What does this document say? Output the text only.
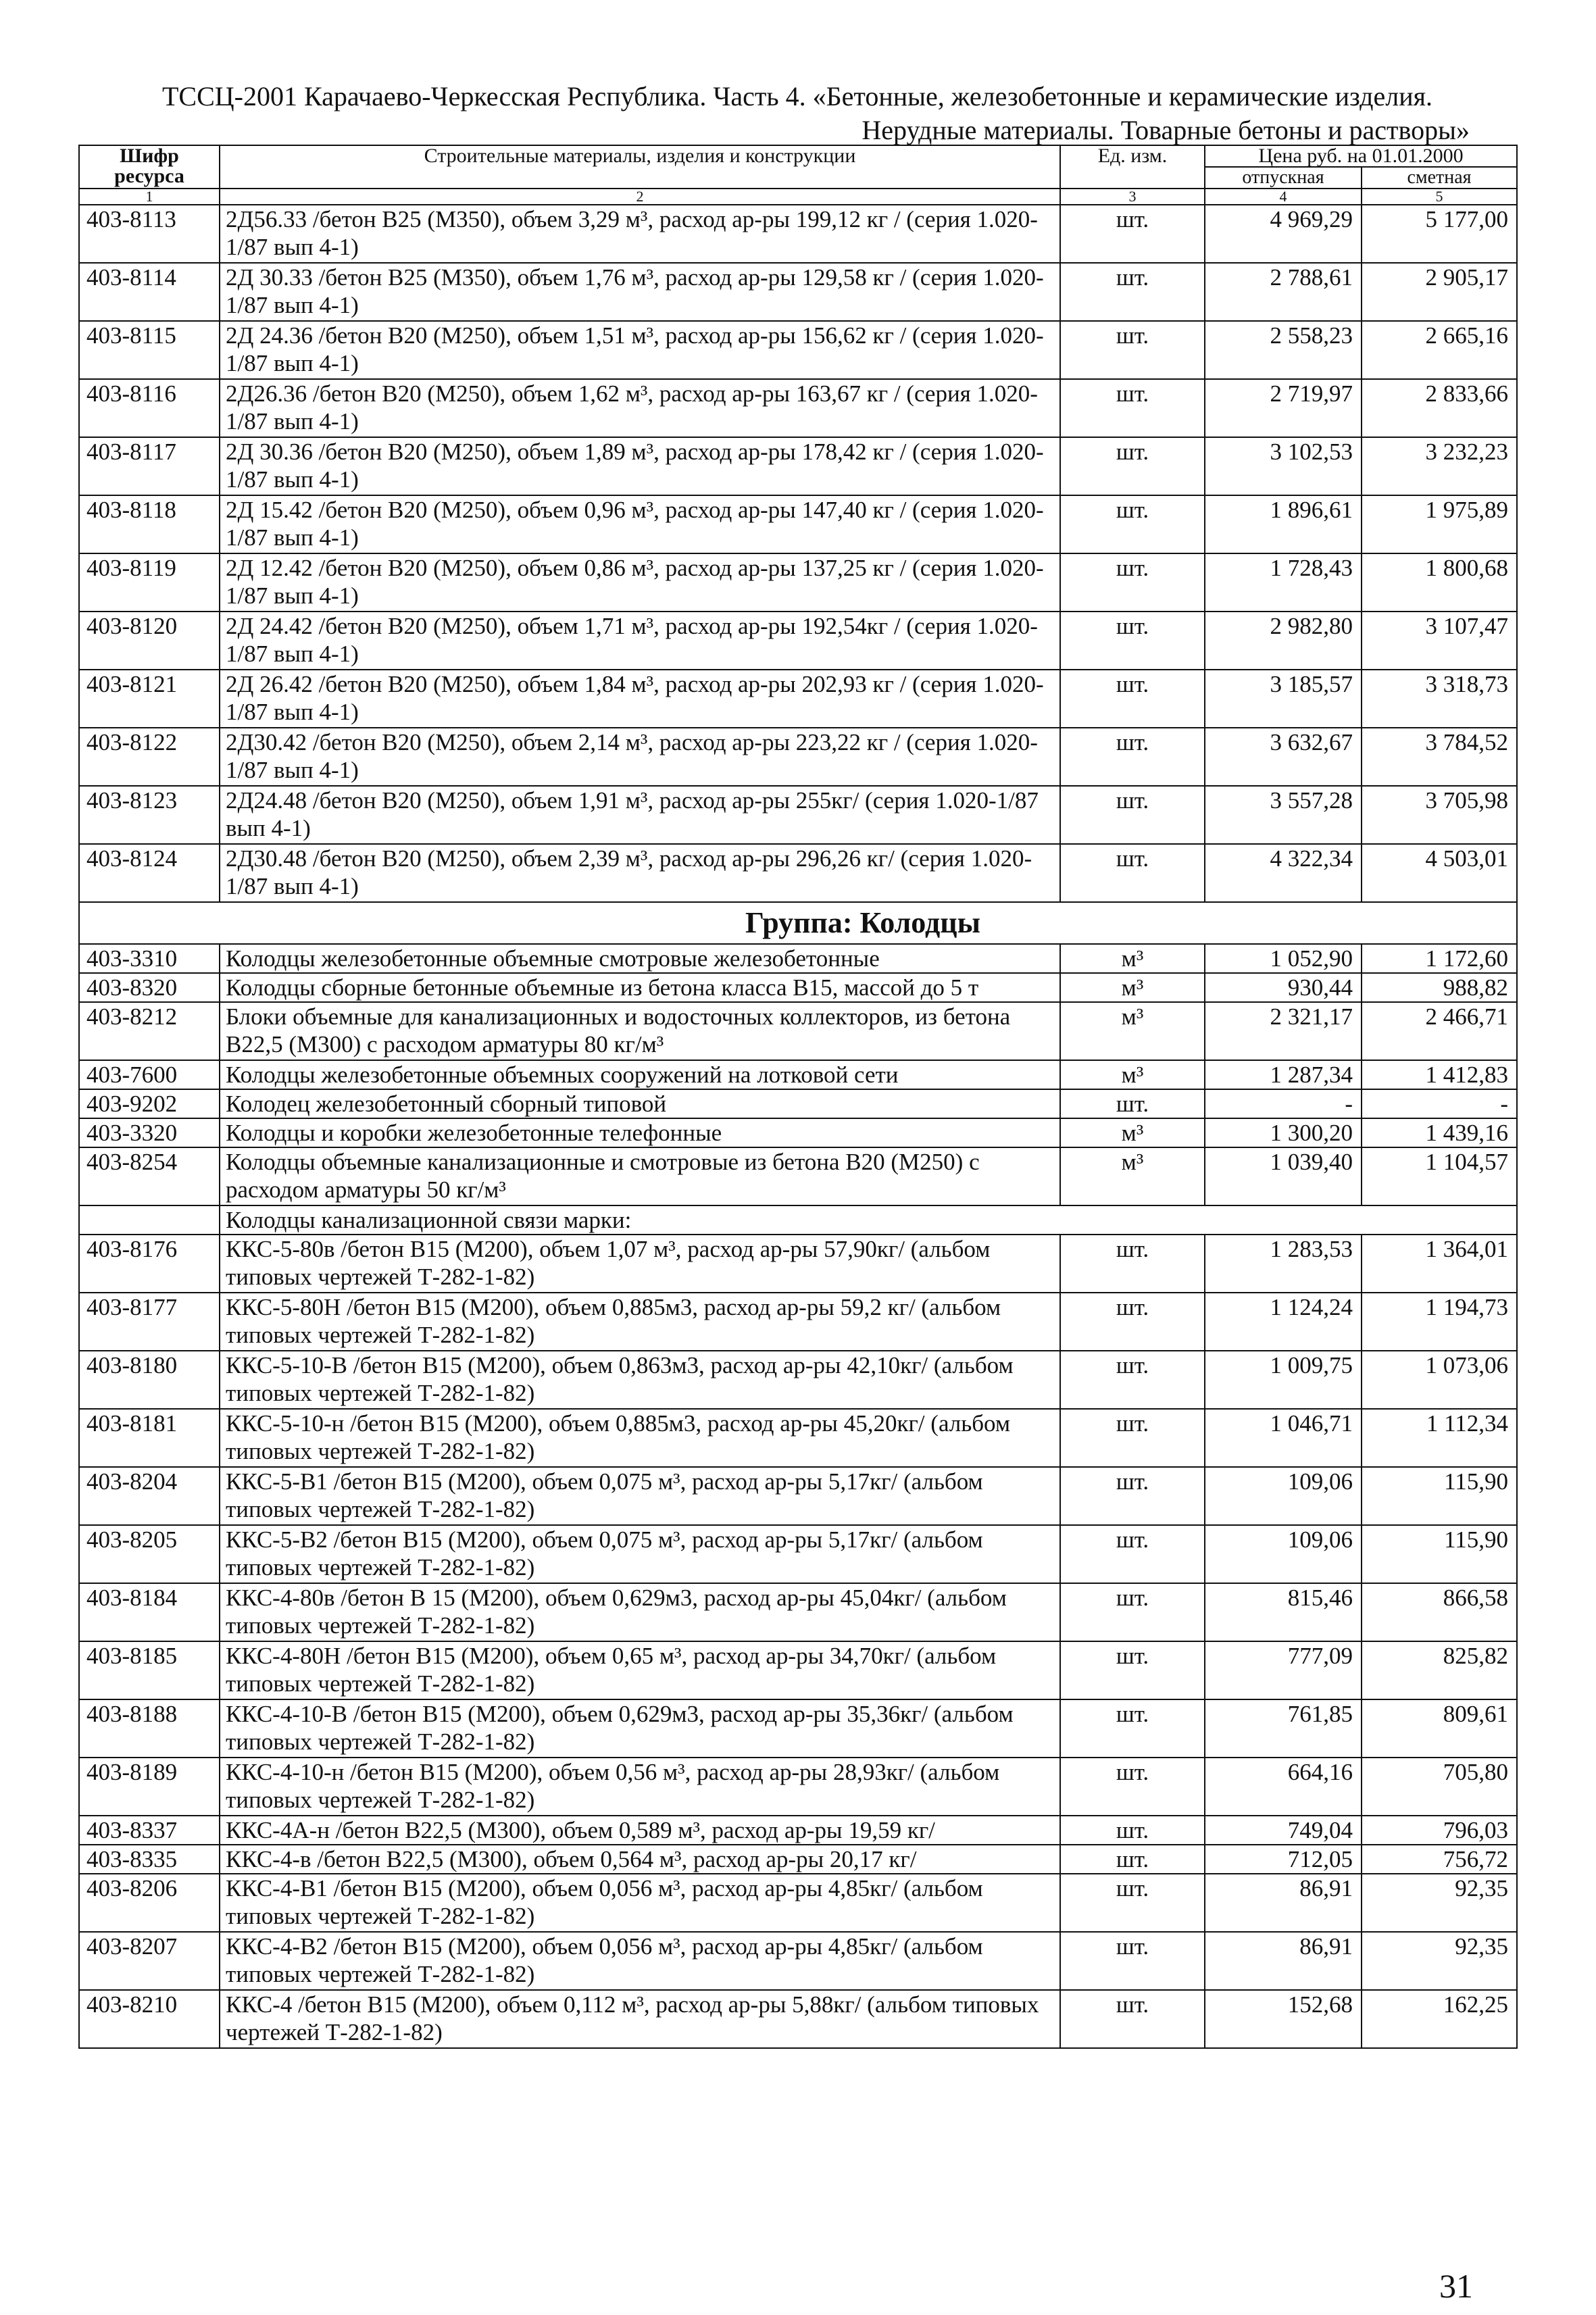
ТССЦ-2001 Карачаево-Черкесская Республика. Часть 4. «Бетонные, железобетонные и керамические изделия.
Нерудные материалы. Товарные бетоны и растворы»
Шифр ресурса	Строительные материалы, изделия и конструкции	Ед. изм.	Цена руб. на 01.01.2000	
			отпускная	сметная
1	2	3	4	5
403-8113	2Д56.33 /бетон В25 (М350), объем 3,29 м³, расход ар-ры 199,12 кг / (серия 1.020-1/87 вып 4-1)	шт.	4 969,29	5 177,00
403-8114	2Д 30.33 /бетон В25 (М350), объем 1,76 м³, расход ар-ры 129,58 кг / (серия 1.020-1/87 вып 4-1)	шт.	2 788,61	2 905,17
403-8115	2Д 24.36 /бетон В20 (М250), объем 1,51 м³, расход ар-ры 156,62 кг / (серия 1.020-1/87 вып 4-1)	шт.	2 558,23	2 665,16
403-8116	2Д26.36 /бетон В20 (М250), объем 1,62 м³, расход ар-ры 163,67 кг / (серия 1.020-1/87 вып 4-1)	шт.	2 719,97	2 833,66
403-8117	2Д 30.36 /бетон В20 (М250), объем 1,89 м³, расход ар-ры 178,42 кг / (серия 1.020-1/87 вып 4-1)	шт.	3 102,53	3 232,23
403-8118	2Д 15.42 /бетон В20 (М250), объем 0,96 м³, расход ар-ры 147,40 кг / (серия 1.020-1/87 вып 4-1)	шт.	1 896,61	1 975,89
403-8119	2Д 12.42 /бетон В20 (М250), объем 0,86 м³, расход ар-ры 137,25 кг / (серия 1.020-1/87 вып 4-1)	шт.	1 728,43	1 800,68
403-8120	2Д 24.42 /бетон В20 (М250), объем 1,71 м³, расход ар-ры 192,54кг / (серия 1.020-1/87 вып 4-1)	шт.	2 982,80	3 107,47
403-8121	2Д 26.42 /бетон В20 (М250), объем 1,84 м³, расход ар-ры 202,93 кг / (серия 1.020-1/87 вып 4-1)	шт.	3 185,57	3 318,73
403-8122	2Д30.42 /бетон В20 (М250), объем 2,14 м³, расход ар-ры 223,22 кг / (серия 1.020-1/87 вып 4-1)	шт.	3 632,67	3 784,52
403-8123	2Д24.48 /бетон В20 (М250), объем 1,91 м³, расход ар-ры 255кг/ (серия 1.020-1/87 вып 4-1)	шт.	3 557,28	3 705,98
403-8124	2Д30.48 /бетон В20 (М250), объем 2,39 м³, расход ар-ры 296,26 кг/ (серия 1.020-1/87 вып 4-1)	шт.	4 322,34	4 503,01
Группа: Колодцы				
403-3310	Колодцы железобетонные объемные смотровые железобетонные	м³	1 052,90	1 172,60
403-8320	Колодцы сборные бетонные объемные из бетона класса В15, массой до 5 т	м³	930,44	988,82
403-8212	Блоки объемные для канализационных и водосточных коллекторов, из бетона В22,5 (М300) с расходом арматуры 80 кг/м³	м³	2 321,17	2 466,71
403-7600	Колодцы железобетонные объемных сооружений на лотковой сети	м³	1 287,34	1 412,83
403-9202	Колодец железобетонный сборный типовой	шт.	-	-
403-3320	Колодцы и коробки железобетонные телефонные	м³	1 300,20	1 439,16
403-8254	Колодцы объемные канализационные и смотровые из бетона В20 (М250) с расходом арматуры 50 кг/м³	м³	1 039,40	1 104,57
	Колодцы канализационной связи марки:			
403-8176	ККС-5-80в /бетон В15 (М200), объем 1,07 м³, расход ар-ры 57,90кг/ (альбом типовых чертежей Т-282-1-82)	шт.	1 283,53	1 364,01
403-8177	ККС-5-80Н /бетон В15 (М200), объем 0,885м3, расход ар-ры 59,2 кг/ (альбом типовых чертежей Т-282-1-82)	шт.	1 124,24	1 194,73
403-8180	ККС-5-10-В /бетон В15 (М200), объем 0,863м3, расход ар-ры 42,10кг/ (альбом типовых чертежей Т-282-1-82)	шт.	1 009,75	1 073,06
403-8181	ККС-5-10-н /бетон В15 (М200), объем 0,885м3, расход ар-ры 45,20кг/ (альбом типовых чертежей Т-282-1-82)	шт.	1 046,71	1 112,34
403-8204	ККС-5-В1 /бетон В15 (М200), объем 0,075 м³, расход ар-ры 5,17кг/ (альбом типовых чертежей Т-282-1-82)	шт.	109,06	115,90
403-8205	ККС-5-В2 /бетон В15 (М200), объем 0,075 м³, расход ар-ры 5,17кг/ (альбом типовых чертежей Т-282-1-82)	шт.	109,06	115,90
403-8184	ККС-4-80в /бетон В 15 (М200), объем 0,629м3, расход ар-ры 45,04кг/ (альбом типовых чертежей Т-282-1-82)	шт.	815,46	866,58
403-8185	ККС-4-80Н /бетон В15 (М200), объем 0,65 м³, расход ар-ры 34,70кг/ (альбом типовых чертежей Т-282-1-82)	шт.	777,09	825,82
403-8188	ККС-4-10-В /бетон В15 (М200), объем 0,629м3, расход ар-ры 35,36кг/ (альбом типовых чертежей Т-282-1-82)	шт.	761,85	809,61
403-8189	ККС-4-10-н /бетон В15 (М200), объем 0,56 м³, расход ар-ры 28,93кг/ (альбом типовых чертежей Т-282-1-82)	шт.	664,16	705,80
403-8337	ККС-4А-н /бетон В22,5 (М300), объем 0,589 м³, расход ар-ры 19,59 кг/	шт.	749,04	796,03
403-8335	ККС-4-в /бетон В22,5 (М300), объем 0,564 м³, расход ар-ры 20,17 кг/	шт.	712,05	756,72
403-8206	ККС-4-В1 /бетон В15 (М200), объем 0,056 м³, расход ар-ры 4,85кг/ (альбом типовых чертежей Т-282-1-82)	шт.	86,91	92,35
403-8207	ККС-4-В2 /бетон В15 (М200), объем 0,056 м³, расход ар-ры 4,85кг/ (альбом типовых чертежей Т-282-1-82)	шт.	86,91	92,35
403-8210	ККС-4 /бетон В15 (М200), объем 0,112 м³, расход ар-ры 5,88кг/ (альбом типовых чертежей Т-282-1-82)	шт.	152,68	162,25
31
